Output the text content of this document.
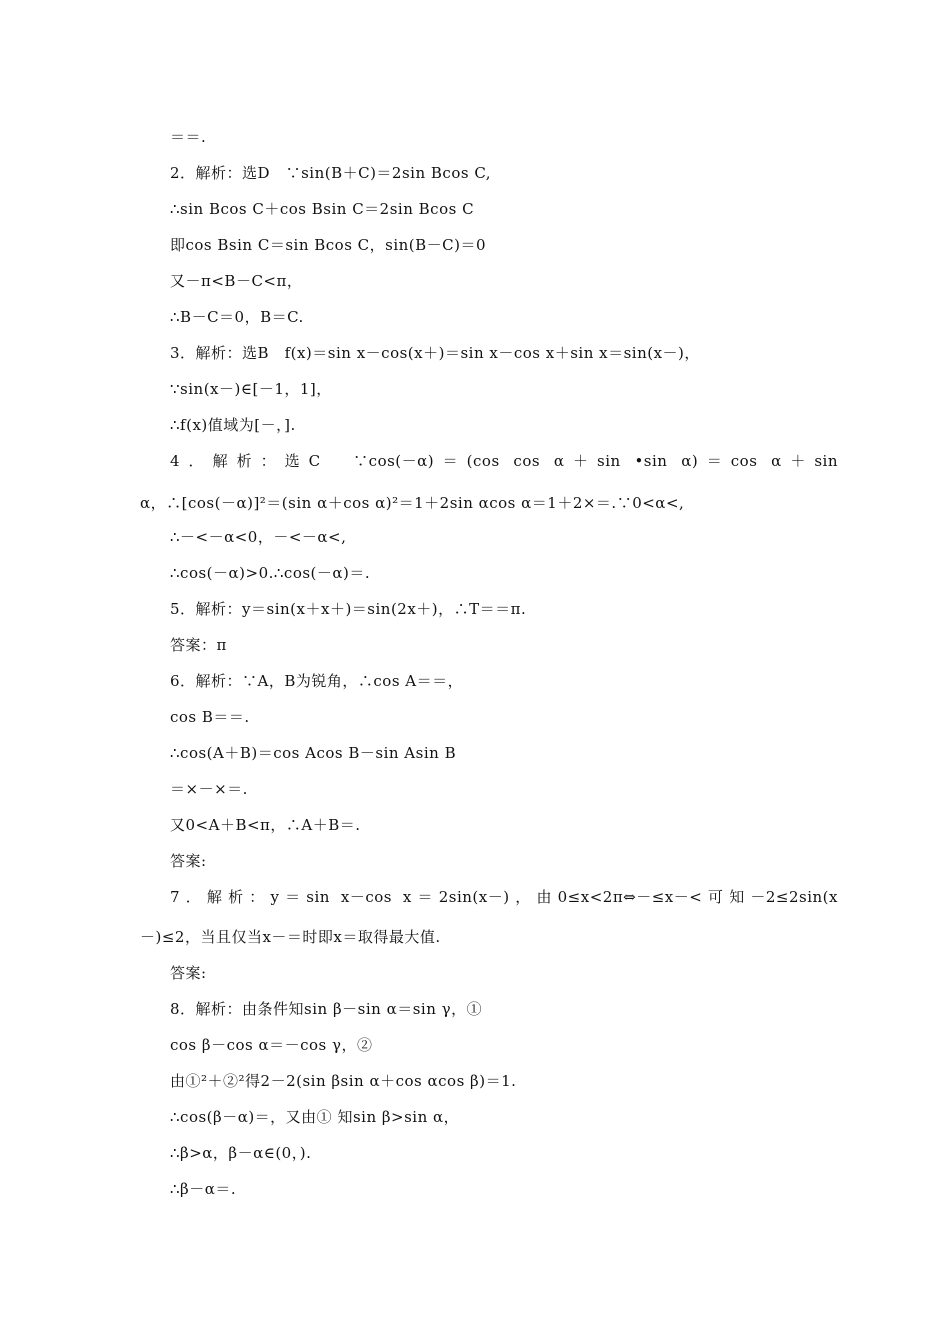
＝＝.
2．解析：选D　∵sin(B＋C)＝2sin Bcos C,
∴sin Bcos C＋cos Bsin C＝2sin Bcos C
即cos Bsin C＝sin Bcos C，sin(B－C)＝0
又－π<B－C<π，
∴B－C＝0，B＝C.
3．解析：选B　f(x)＝sin x－cos(x＋)＝sin x－cos x＋sin x＝sin(x－)，
∵sin(x－)∈[－1，1]，
∴f(x)值域为[－，].
4．解析：选C　∵cos(－α)＝(cos cos α＋sin •sin α)＝cos α＋sin
α，∴[cos(－α)]²＝(sin α＋cos α)²＝1＋2sin αcos α＝1＋2×＝.∵0<α<,
∴－<－α<0，－<－α<,
∴cos(－α)>0.∴cos(－α)＝.
5．解析：y＝sin(x＋x＋)＝sin(2x＋)，∴T＝＝π.
答案：π
6．解析：∵A，B为锐角，∴cos A＝＝，
cos B＝＝.
∴cos(A＋B)＝cos Acos B－sin Asin B
＝×－×＝.
又0<A＋B<π，∴A＋B＝.
答案:
7．解析：y＝sin x－cos x＝2sin(x－)，由0≤x<2π⇔－≤x－<可知－2≤2sin(x
－)≤2，当且仅当x－＝时即x＝取得最大值.
答案:
8．解析：由条件知sin β－sin α＝sin γ，①
cos β－cos α＝－cos γ，②
由①²＋②²得2－2(sin βsin α＋cos αcos β)＝1.
∴cos(β－α)＝，又由① 知sin β>sin α，
∴β>α，β－α∈(0，).
∴β－α＝.
